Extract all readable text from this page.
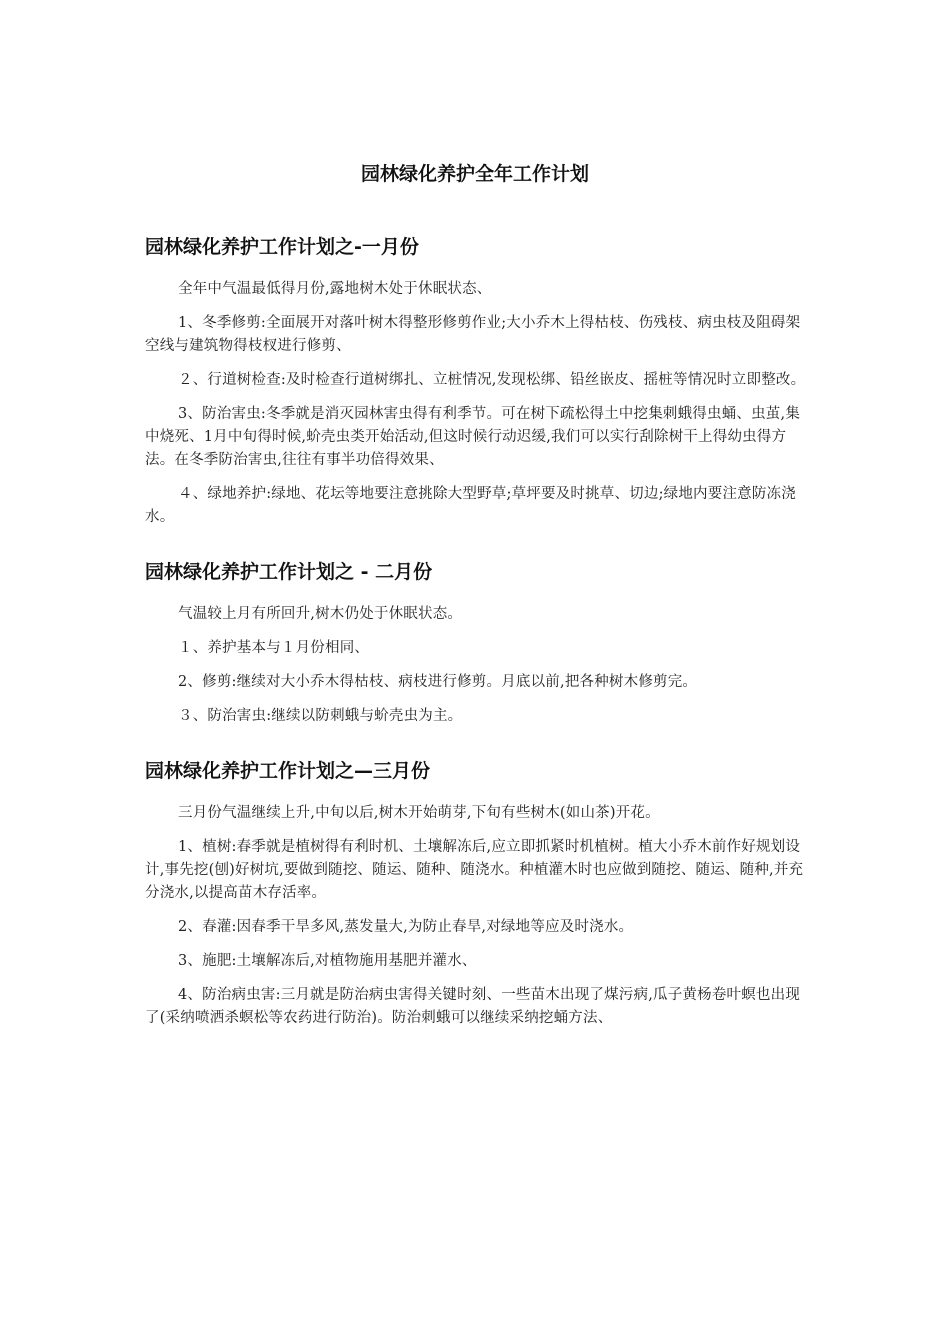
园林绿化养护全年工作计划
园林绿化养护工作计划之-一月份

全年中气温最低得月份,露地树木处于休眠状态、

1、冬季修剪:全面展开对落叶树木得整形修剪作业;大小乔木上得枯枝、伤残枝、病虫枝及阻碍架空线与建筑物得枝杈进行修剪、

２、行道树检查:及时检查行道树绑扎、立桩情况,发现松绑、铅丝嵌皮、摇桩等情况时立即整改。

3、防治害虫:冬季就是消灭园林害虫得有利季节。可在树下疏松得土中挖集刺蛾得虫蛹、虫茧,集中烧死、1月中旬得时候,蚧壳虫类开始活动,但这时候行动迟缓,我们可以实行刮除树干上得幼虫得方法。在冬季防治害虫,往往有事半功倍得效果、

４、绿地养护:绿地、花坛等地要注意挑除大型野草;草坪要及时挑草、切边;绿地内要注意防冻浇水。

园林绿化养护工作计划之 - 二月份

气温较上月有所回升,树木仍处于休眠状态。

１、养护基本与１月份相同、

2、修剪:继续对大小乔木得枯枝、病枝进行修剪。月底以前,把各种树木修剪完。

３、防治害虫:继续以防刺蛾与蚧壳虫为主。

园林绿化养护工作计划之—三月份

三月份气温继续上升,中旬以后,树木开始萌芽,下旬有些树木(如山茶)开花。

1、植树:春季就是植树得有利时机、土壤解冻后,应立即抓紧时机植树。植大小乔木前作好规划设计,事先挖(刨)好树坑,要做到随挖、随运、随种、随浇水。种植灌木时也应做到随挖、随运、随种,并充分浇水,以提高苗木存活率。

2、春灌:因春季干旱多风,蒸发量大,为防止春旱,对绿地等应及时浇水。

3、施肥:土壤解冻后,对植物施用基肥并灌水、

4、防治病虫害:三月就是防治病虫害得关键时刻、一些苗木出现了煤污病,瓜子黄杨卷叶螟也出现了(采纳喷洒杀螟松等农药进行防治)。防治刺蛾可以继续采纳挖蛹方法、
